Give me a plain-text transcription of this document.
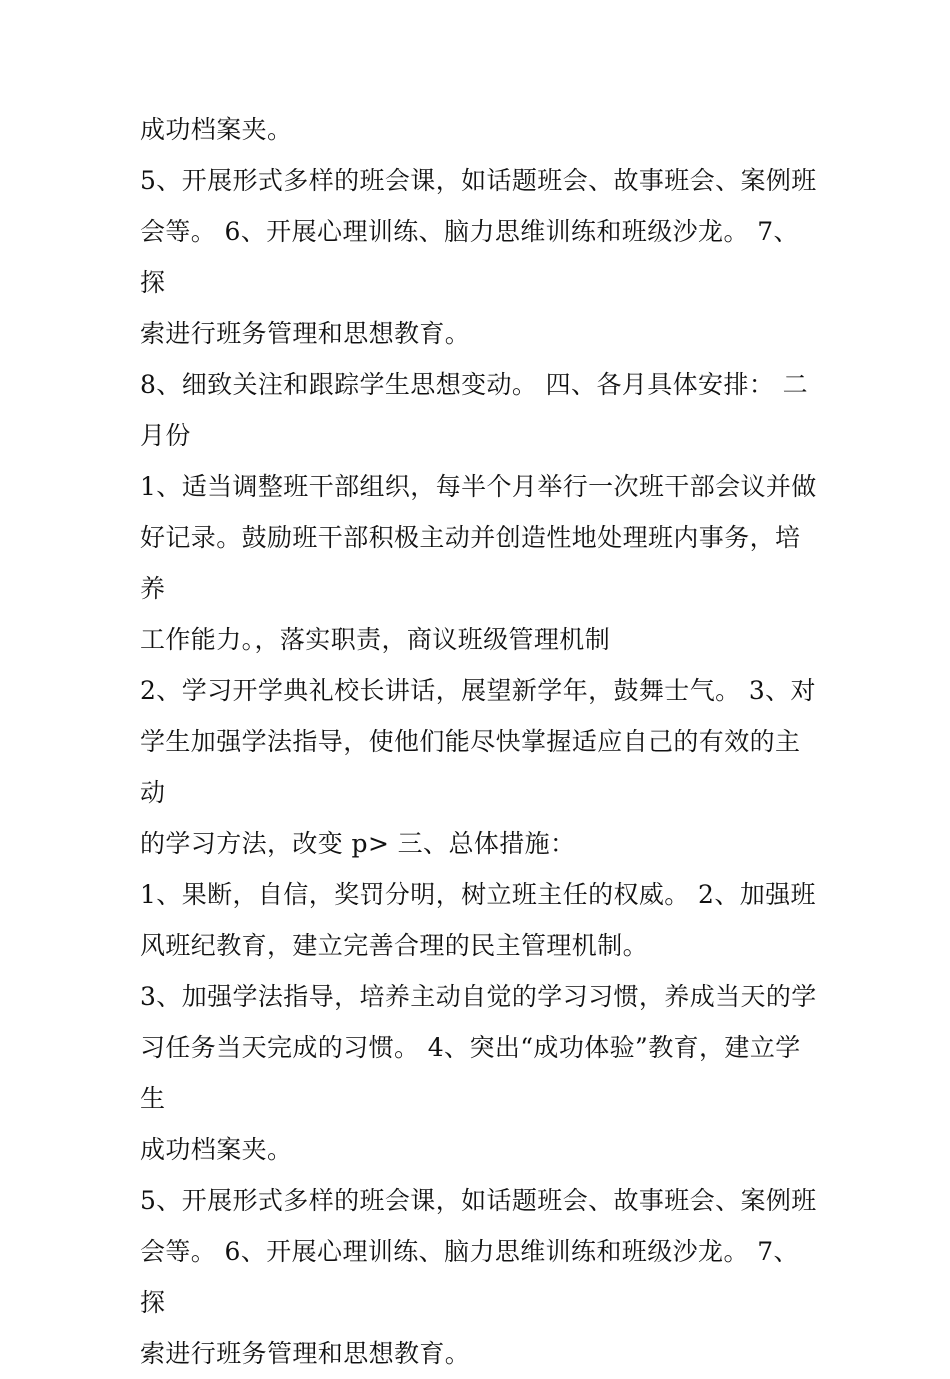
成功档案夹。
5、开展形式多样的班会课，如话题班会、故事班会、案例班
会等。 6、开展心理训练、脑力思维训练和班级沙龙。 7、探
索进行班务管理和思想教育。
8、细致关注和跟踪学生思想变动。 四、各月具体安排： 二
月份
1、适当调整班干部组织，每半个月举行一次班干部会议并做
好记录。鼓励班干部积极主动并创造性地处理班内事务，培养
工作能力。，落实职责，商议班级管理机制
2、学习开学典礼校长讲话，展望新学年，鼓舞士气。 3、对
学生加强学法指导，使他们能尽快掌握适应自己的有效的主动
的学习方法，改变 p> 三、总体措施：
1、果断，自信，奖罚分明，树立班主任的权威。 2、加强班
风班纪教育，建立完善合理的民主管理机制。
3、加强学法指导，培养主动自觉的学习习惯，养成当天的学
习任务当天完成的习惯。 4、突出“成功体验”教育，建立学生
成功档案夹。
5、开展形式多样的班会课，如话题班会、故事班会、案例班
会等。 6、开展心理训练、脑力思维训练和班级沙龙。 7、探
索进行班务管理和思想教育。
